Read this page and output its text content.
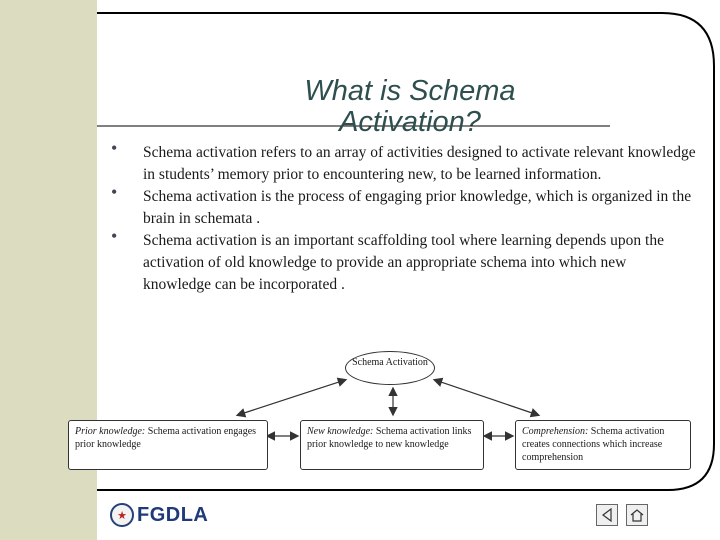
What is Schema Activation?
• Schema activation refers to an array of activities designed to activate relevant knowledge in students’ memory prior to encountering new, to be learned information.
• Schema activation is the process of engaging prior knowledge, which is organized in the brain in schemata .
• Schema activation is an important scaffolding tool where learning depends upon the activation of old knowledge to provide an appropriate schema into which new knowledge can be incorporated .
Schema Activation
Prior knowledge: Schema activation engages prior knowledge
New knowledge: Schema activation links prior knowledge to new knowledge
Comprehension: Schema activation creates connections which increase comprehension
★ FGDLA
